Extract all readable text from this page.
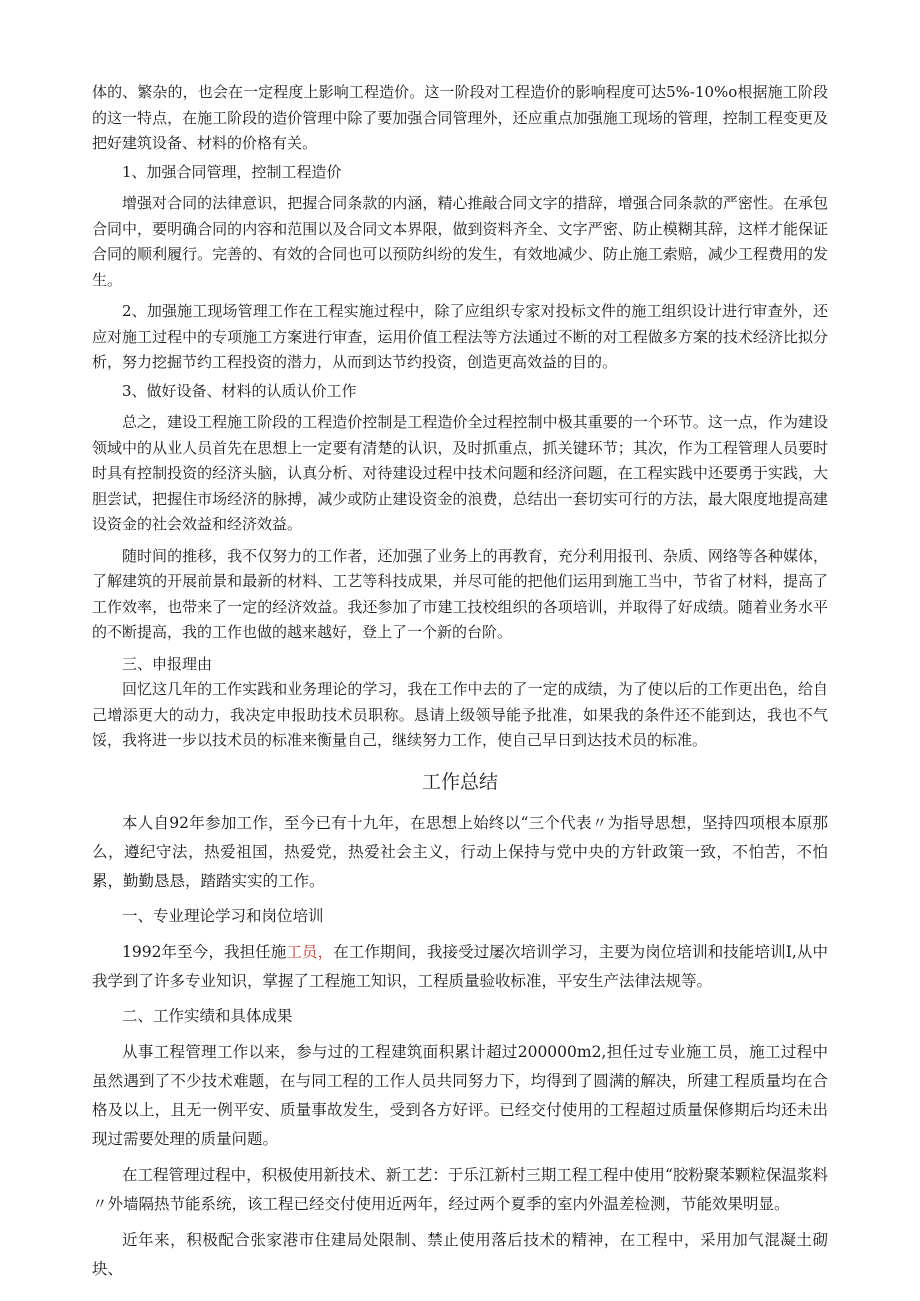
体的、繁杂的，也会在一定程度上影响工程造价。这一阶段对工程造价的影响程度可达5%-10%o根据施工阶段的这一特点，在施工阶段的造价管理中除了要加强合同管理外，还应重点加强施工现场的管理，控制工程变更及把好建筑设备、材料的价格有关。

1、加强合同管理，控制工程造价

增强对合同的法律意识，把握合同条款的内涵，精心推敲合同文字的措辞，增强合同条款的严密性。在承包合同中，要明确合同的内容和范围以及合同文本界限，做到资料齐全、文字严密、防止模糊其辞，这样才能保证合同的顺利履行。完善的、有效的合同也可以预防纠纷的发生，有效地减少、防止施工索赔，减少工程费用的发生。

2、加强施工现场管理工作在工程实施过程中，除了应组织专家对投标文件的施工组织设计进行审查外，还应对施工过程中的专项施工方案进行审查，运用价值工程法等方法通过不断的对工程做多方案的技术经济比拟分析，努力挖掘节约工程投资的潜力，从而到达节约投资，创造更高效益的目的。

3、做好设备、材料的认质认价工作

总之，建设工程施工阶段的工程造价控制是工程造价全过程控制中极其重要的一个环节。这一点，作为建设领域中的从业人员首先在思想上一定要有清楚的认识，及时抓重点，抓关键环节；其次，作为工程管理人员要时时具有控制投资的经济头脑，认真分析、对待建设过程中技术问题和经济问题，在工程实践中还要勇于实践，大胆尝试，把握住市场经济的脉搏，减少或防止建设资金的浪费，总结出一套切实可行的方法，最大限度地提高建设资金的社会效益和经济效益。

随时间的推移，我不仅努力的工作者，还加强了业务上的再教育，充分利用报刊、杂质、网络等各种媒体，了解建筑的开展前景和最新的材料、工艺等科技成果，并尽可能的把他们运用到施工当中，节省了材料，提高了工作效率，也带来了一定的经济效益。我还参加了市建工技校组织的各项培训，并取得了好成绩。随着业务水平的不断提高，我的工作也做的越来越好，登上了一个新的台阶。

三、申报理由

回忆这几年的工作实践和业务理论的学习，我在工作中去的了一定的成绩，为了使以后的工作更出色，给自己增添更大的动力，我决定申报助技术员职称。恳请上级领导能予批准，如果我的条件还不能到达，我也不气馁，我将进一步以技术员的标准来衡量自己，继续努力工作，使自己早日到达技术员的标准。

工作总结

本人自92年参加工作，至今已有十九年，在思想上始终以“三个代表〃为指导思想，坚持四项根本原那么，遵纪守法，热爱祖国，热爱党，热爱社会主义，行动上保持与党中央的方针政策一致，不怕苦，不怕累，勤勤恳恳，踏踏实实的工作。

一、专业理论学习和岗位培训

1992年至今，我担任施工员，在工作期间，我接受过屡次培训学习，主要为岗位培训和技能培训I,从中我学到了许多专业知识，掌握了工程施工知识，工程质量验收标准，平安生产法律法规等。

二、工作实绩和具体成果

从事工程管理工作以来，参与过的工程建筑面积累计超过200000m2,担任过专业施工员，施工过程中虽然遇到了不少技术难题，在与同工程的工作人员共同努力下，均得到了圆满的解决，所建工程质量均在合格及以上，且无一例平安、质量事故发生，受到各方好评。已经交付使用的工程超过质量保修期后均还未出现过需要处理的质量问题。

在工程管理过程中，积极使用新技术、新工艺：于乐江新村三期工程工程中使用“胶粉聚苯颗粒保温浆料〃外墙隔热节能系统，该工程已经交付使用近两年，经过两个夏季的室内外温差检测，节能效果明显。

近年来，积极配合张家港市住建局处限制、禁止使用落后技术的精神，在工程中，采用加气混凝土砌块、
